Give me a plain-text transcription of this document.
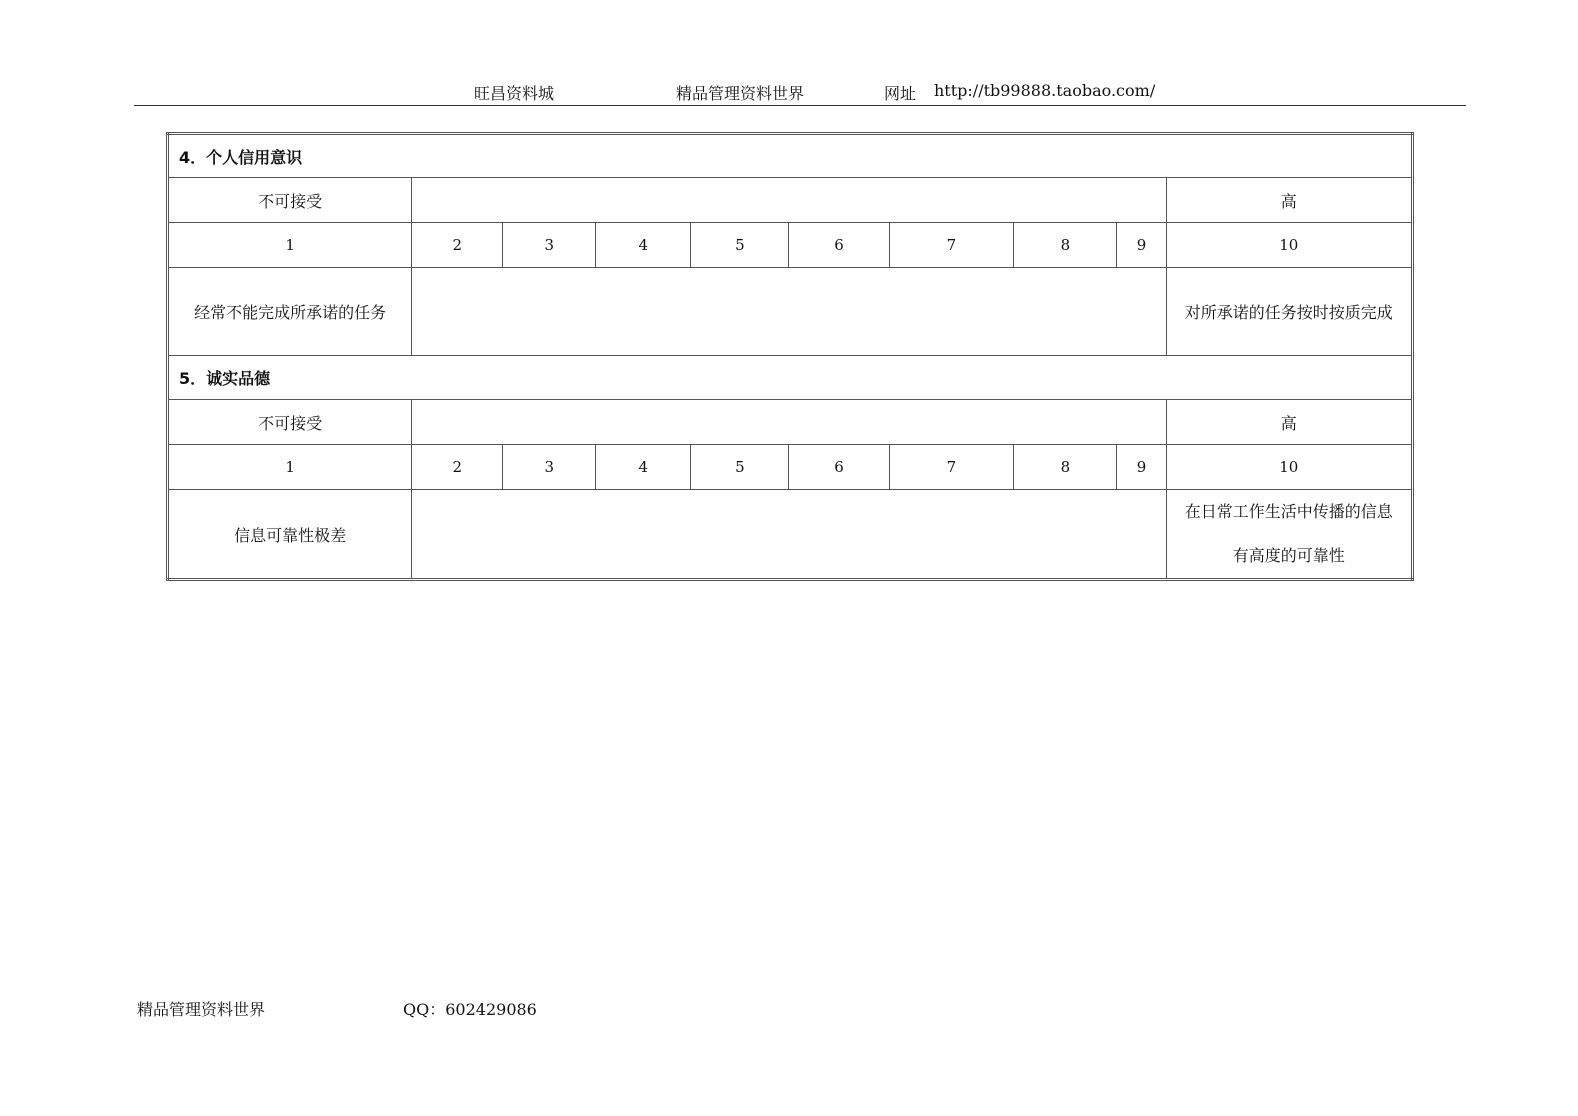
旺昌资料城	精品管理资料世界	网址 http://tb99888.taobao.com/
4．个人信用意识									
不可接受									高
1	2	3	4	5	6	7	8	9	10
经常不能完成所承诺的任务									对所承诺的任务按时按质完成
5．诚实品德									
不可接受									高
1	2	3	4	5	6	7	8	9	10
信息可靠性极差									在日常工作生活中传播的信息
有高度的可靠性
精品管理资料世界	QQ：602429086
